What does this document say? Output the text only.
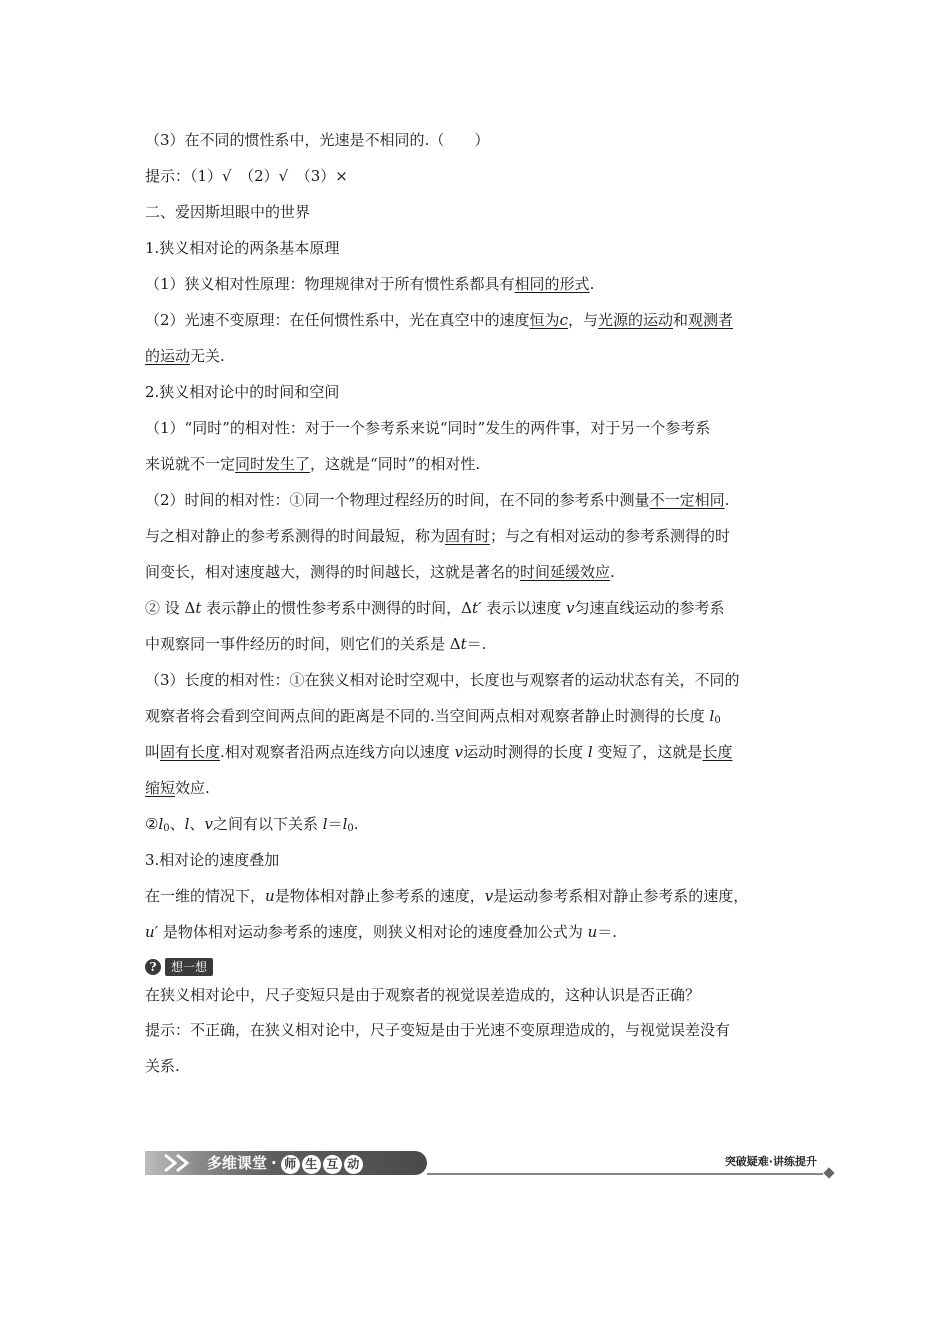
（3）在不同的惯性系中，光速是不相同的.（　　）
提示：（1）√　（2）√　（3）×
二、爱因斯坦眼中的世界
1.狭义相对论的两条基本原理
（1）狭义相对性原理：物理规律对于所有惯性系都具有相同的形式.
（2）光速不变原理：在任何惯性系中，光在真空中的速度恒为c，与光源的运动和观测者
的运动无关.
2.狭义相对论中的时间和空间
（1）“同时”的相对性：对于一个参考系来说“同时”发生的两件事，对于另一个参考系
来说就不一定同时发生了，这就是“同时”的相对性.
（2）时间的相对性：①同一个物理过程经历的时间，在不同的参考系中测量不一定相同.
与之相对静止的参考系测得的时间最短，称为固有时；与之有相对运动的参考系测得的时
间变长，相对速度越大，测得的时间越长，这就是著名的时间延缓效应.
② 设 Δt 表示静止的惯性参考系中测得的时间，Δt′ 表示以速度 v匀速直线运动的参考系
中观察同一事件经历的时间，则它们的关系是 Δt＝.
（3）长度的相对性：①在狭义相对论时空观中，长度也与观察者的运动状态有关，不同的
观察者将会看到空间两点间的距离是不同的.当空间两点相对观察者静止时测得的长度 $l_0$
叫固有长度.相对观察者沿两点连线方向以速度 v运动时测得的长度 l 变短了，这就是长度
缩短效应.
$②l_0$、l、v之间有以下关系 $l=l_0$.
3.相对论的速度叠加
在一维的情况下，u是物体相对静止参考系的速度，v是运动参考系相对静止参考系的速度，
u′ 是物体相对运动参考系的速度，则狭义相对论的速度叠加公式为 u＝.
?	想一想
在狭义相对论中，尺子变短只是由于观察者的视觉误差造成的，这种认识是否正确？
提示：不正确，在狭义相对论中，尺子变短是由于光速不变原理造成的，与视觉误差没有
关系.
多维课堂 · 师 生 互 动	突破疑难·讲练提升
